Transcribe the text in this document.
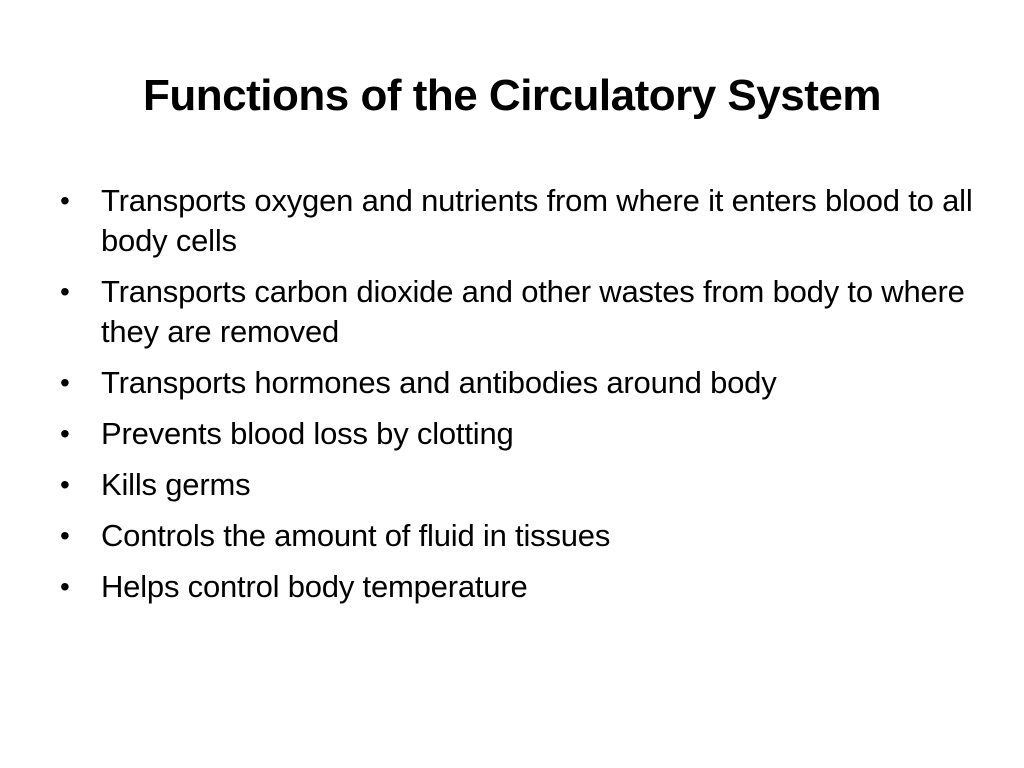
Functions of the Circulatory System
• Transports oxygen and nutrients from where it enters blood to all body cells
• Transports carbon dioxide and other wastes from body to where they are removed
• Transports hormones and antibodies around body
• Prevents blood loss by clotting
• Kills germs
• Controls the amount of fluid in tissues
• Helps control body temperature
